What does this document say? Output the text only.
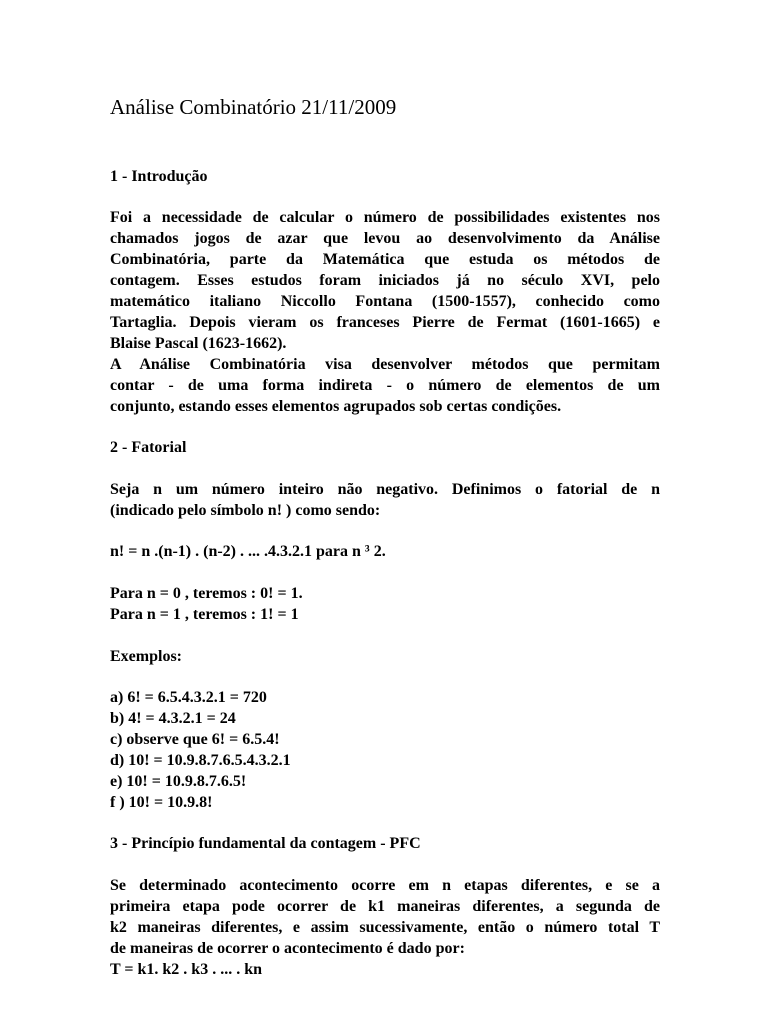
Análise Combinatório 21/11/2009
1 - Introdução
Foi a necessidade de calcular o número de possibilidades existentes nos
chamados jogos de azar que levou ao desenvolvimento da Análise
Combinatória, parte da Matemática que estuda os métodos de
contagem. Esses estudos foram iniciados já no século XVI, pelo
matemático italiano Niccollo Fontana (1500-1557), conhecido como
Tartaglia. Depois vieram os franceses Pierre de Fermat (1601-1665) e
Blaise Pascal (1623-1662).
A Análise Combinatória visa desenvolver métodos que permitam
contar - de uma forma indireta - o número de elementos de um
conjunto, estando esses elementos agrupados sob certas condições.
2 - Fatorial
Seja n um número inteiro não negativo. Definimos o fatorial de n
(indicado pelo símbolo n! ) como sendo:
n! = n .(n-1) . (n-2) . ... .4.3.2.1 para n ³ 2.
Para n = 0 , teremos : 0! = 1.
Para n = 1 , teremos : 1! = 1
Exemplos:
a) 6! = 6.5.4.3.2.1 = 720
b) 4! = 4.3.2.1 = 24
c) observe que 6! = 6.5.4!
d) 10! = 10.9.8.7.6.5.4.3.2.1
e) 10! = 10.9.8.7.6.5!
f ) 10! = 10.9.8!
3 - Princípio fundamental da contagem - PFC
Se determinado acontecimento ocorre em n etapas diferentes, e se a
primeira etapa pode ocorrer de k1 maneiras diferentes, a segunda de
k2 maneiras diferentes, e assim sucessivamente, então o número total T
de maneiras de ocorrer o acontecimento é dado por:
T = k1. k2 . k3 . ... . kn
